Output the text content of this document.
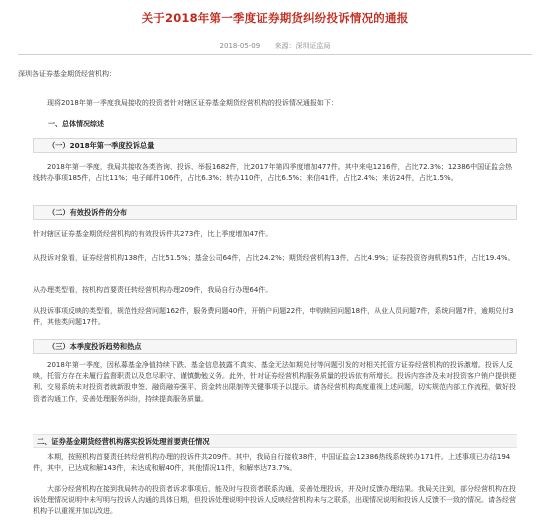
关于2018年第一季度证券期货纠纷投诉情况的通报
2018-05-09 来源：深圳证监局
深圳各证券基金期货经营机构：
现将2018年第一季度我局接收的投资者针对辖区证券基金期货经营机构的投诉情况通报如下：
一、总体情况综述
（一）2018年第一季度投诉总量
2018年第一季度，我局共接收各类咨询、投诉、举报1682件，比2017年第四季度增加477件。其中来电1216件，占比72.3%；12386中国证监会热线转办事项185件，占比11%；电子邮件106件，占比6.3%；转办110件，占比6.5%；来信41件，占比2.4%；来访24件，占比1.5%。
（二）有效投诉件的分布
针对辖区证券基金期货经营机构的有效投诉件共273件，比上季度增加47件。
从投诉对象看，证券经营机构138件，占比51.5%；基金公司64件，占比24.2%；期货经营机构13件，占比4.9%；证券投资咨询机构51件，占比19.4%。
从办理类型看，按机构首要责任转经营机构办理209件，我局自行办理64件。
从投诉事项反映的类型看，规范性经营问题162件，服务费问题40件，开销户问题22件，申购赎回问题18件，从业人员问题7件，系统问题7件，逾期兑付3件，其他类问题17件。
（三）本季度投诉趋势和热点
2018年第一季度，因私募基金净值持续下跌、基金信息披露不真实、基金无法如期兑付等问题引发的对相关托管方证券经营机构的投诉激增。投诉人反映，托管方存在未履行监督职责以及怠尽职守、谨慎勤勉义务。此外，针对证券经营机构服务质量的投诉依有所增长。投诉内容涉及未对投资客户销户提供便利、交易系统未对投资者就新股申签、融资融券强平、资金转出限制等关键事项予以提示。请各经营机构高度重视上述问题，切实规范内部工作流程，做好投资者沟通工作，妥善处理服务纠纷，持续提高服务质量。
二、证券基金期货经营机构落实投诉处理首要责任情况
本期，按照机构首要责任转经营机构办理的投诉件共209件。其中，我局自行接收38件，中国证监会12386热线系统转办171件。上述事项已办结194件，其中，已达成和解143件，未达成和解40件，其他情况11件，和解率达73.7%。
大部分经营机构在接到我局转办的投资者诉求事项后，能及时与投资者联系沟通，妥善处理投诉，并及时反馈办理结果。我局关注到，部分经营机构在投诉处理情况说明中未写明与投诉人沟通的具体日期，但投诉处理说明中投诉人反映经营机构未与之联系，出现情况说明和投诉人反馈不一致的情况。请各经营机构予以重视并加以改进。
